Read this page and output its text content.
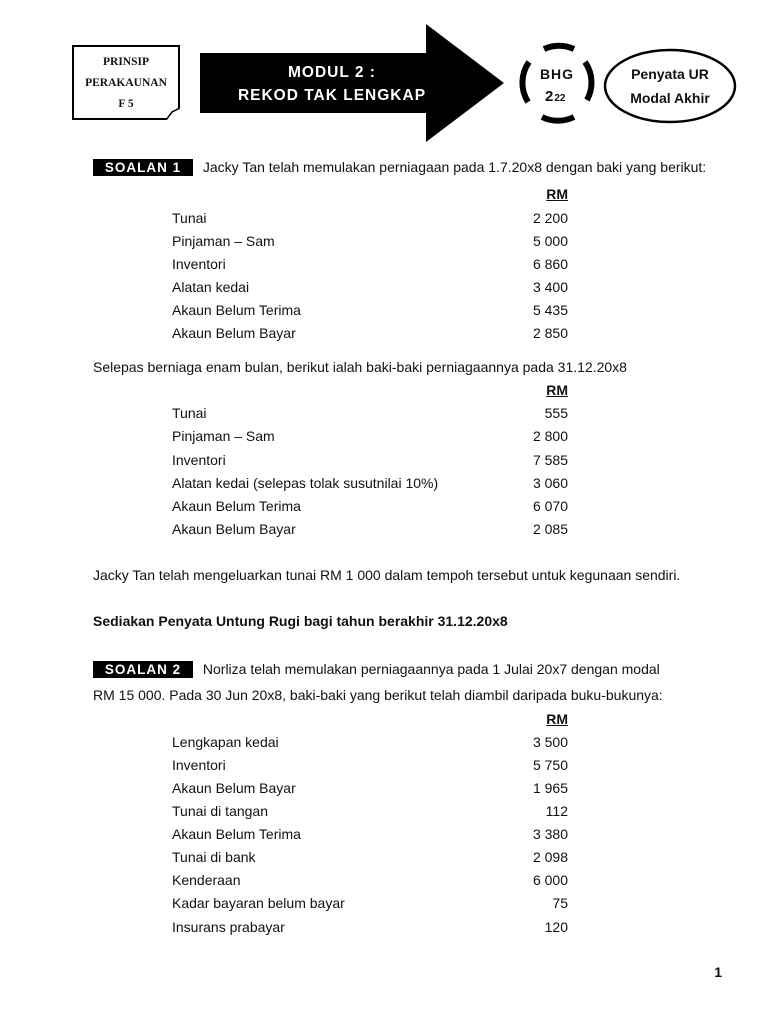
PRINSIP
PERAKAUNAN
F 5
MODUL 2 :
REKOD TAK LENGKAP
BHG
222
Penyata UR
Modal Akhir
SOALAN 1 Jacky Tan telah memulakan perniagaan pada 1.7.20x8 dengan baki yang berikut:
RM
Tunai	2 200
Pinjaman – Sam	5 000
Inventori	6 860
Alatan kedai	3 400
Akaun Belum Terima	5 435
Akaun Belum Bayar	2 850
Selepas berniaga enam bulan, berikut ialah baki-baki perniagaannya pada 31.12.20x8
RM
Tunai	555
Pinjaman – Sam	2 800
Inventori	7 585
Alatan kedai (selepas tolak susutnilai 10%)	3 060
Akaun Belum Terima	6 070
Akaun Belum Bayar	2 085
Jacky Tan telah mengeluarkan tunai RM 1 000 dalam tempoh tersebut untuk kegunaan sendiri.
Sediakan Penyata Untung Rugi bagi tahun berakhir 31.12.20x8
SOALAN 2 Norliza telah memulakan perniagaannya pada 1 Julai 20x7 dengan modal
RM 15 000. Pada 30 Jun 20x8, baki-baki yang berikut telah diambil daripada buku-bukunya:
RM
Lengkapan kedai	3 500
Inventori	5 750
Akaun Belum Bayar	1 965
Tunai di tangan	112
Akaun Belum Terima	3 380
Tunai di bank	2 098
Kenderaan	6 000
Kadar bayaran belum bayar	75
Insurans prabayar	120
1
